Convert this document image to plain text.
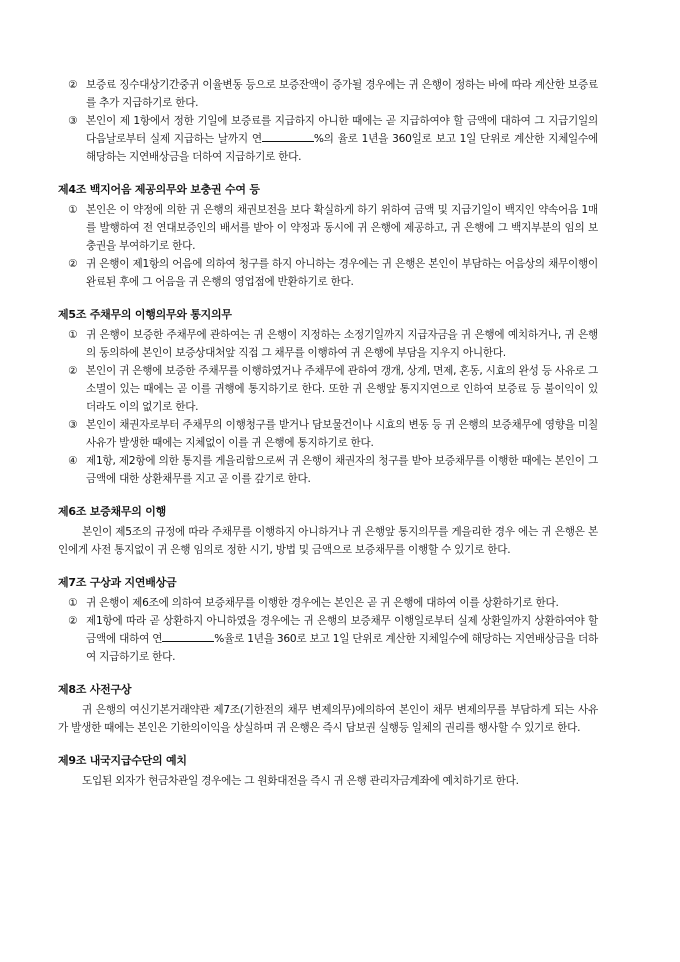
② 보증료 징수대상기간중귀 이율변동 등으로 보증잔액이 증가될 경우에는 귀 은행이 정하는 바에 따라 계산한 보증료를 추가 지급하기로 한다.

③ 본인이 제 1항에서 정한 기일에 보증료를 지급하지 아니한 때에는 곧 지급하여야 할 금액에 대하여 그 지급기일의 다음날로부터 실제 지급하는 날까지 연	%의 율로 1년을 360일로 보고 1일 단위로 계산한 지체일수에 해당하는 지연배상금을 더하여 지급하기로 한다.

제4조 백지어음 제공의무와 보충권 수여 등

① 본인은 이 약정에 의한 귀 은행의 채권보전을 보다 확실하게 하기 위하여 금액 및 지급기일이 백지인 약속어음 1매를 발행하여 전 연대보증인의 배서를 받아 이 약정과 동시에 귀 은행에 제공하고, 귀 은행에 그 백지부분의 임의 보충권을 부여하기로 한다.

② 귀 은행이 제1항의 어음에 의하여 청구를 하지 아니하는 경우에는 귀 은행은 본인이 부담하는 어음상의 채무이행이 완료된 후에 그 어음을 귀 은행의 영업점에 반환하기로 한다.

제5조 주채무의 이행의무와 통지의무

① 귀 은행이 보증한 주채무에 관하여는 귀 은행이 지정하는 소정기일까지 지급자금을 귀 은행에 예치하거나, 귀 은행의 동의하에 본인이 보증상대처앞 직접 그 채무를 이행하여 귀 은행에 부담을 지우지 아니한다.

② 본인이 귀 은행에 보증한 주채무를 이행하였거나 주채무에 관하여 갱개, 상계, 면제, 혼동, 시효의 완성 등 사유로 그 소멸이 있는 때에는 곧 이를 귀행에 통지하기로 한다. 또한 귀 은행앞 통지지연으로 인하여 보증료 등 불이익이 있더라도 이의 없기로 한다.

③ 본인이 채권자로부터 주채무의 이행청구를 받거나 담보물건이나 시효의 변동 등 귀 은행의 보증채무에 영향을 미칠 사유가 발생한 때에는 지체없이 이를 귀 은행에 통지하기로 한다.

④ 제1항, 제2항에 의한 통지를 게을리함으로써 귀 은행이 채권자의 청구를 받아 보증채무를 이행한 때에는 본인이 그 금액에 대한 상환채무를 지고 곧 이를 갚기로 한다.

제6조 보증채무의 이행

본인이 제5조의 규정에 따라 주채무를 이행하지 아니하거나 귀 은행앞 통지의무를 게을리한 경우 에는 귀 은행은 본인에게 사전 통지없이 귀 은행 임의로 정한 시기, 방법 및 금액으로 보증채무를 이행할 수 있기로 한다.

제7조 구상과 지연배상금

① 귀 은행이 제6조에 의하여 보증채무를 이행한 경우에는 본인은 곧 귀 은행에 대하여 이를 상환하기로 한다.

② 제1항에 따라 곧 상환하지 아니하였을 경우에는 귀 은행의 보증채무 이행일로부터 실제 상환일까지 상환하여야 할 금액에 대하여 연	%율로 1년을 360로 보고 1일 단위로 계산한 지체일수에 해당하는 지연배상금을 더하여 지급하기로 한다.

제8조 사전구상

귀 은행의 여신기본거래약관 제7조(기한전의 채무 변제의무)에의하여 본인이 채무 변제의무를 부담하게 되는 사유가 발생한 때에는 본인은 기한의이익을 상실하며 귀 은행은 즉시 담보권 실행등 일체의 권리를 행사할 수 있기로 한다.

제9조 내국지급수단의 예치

도입된 외자가 현금차관일 경우에는 그 원화대전을 즉시 귀 은행 관리자금계좌에 예치하기로 한다.
